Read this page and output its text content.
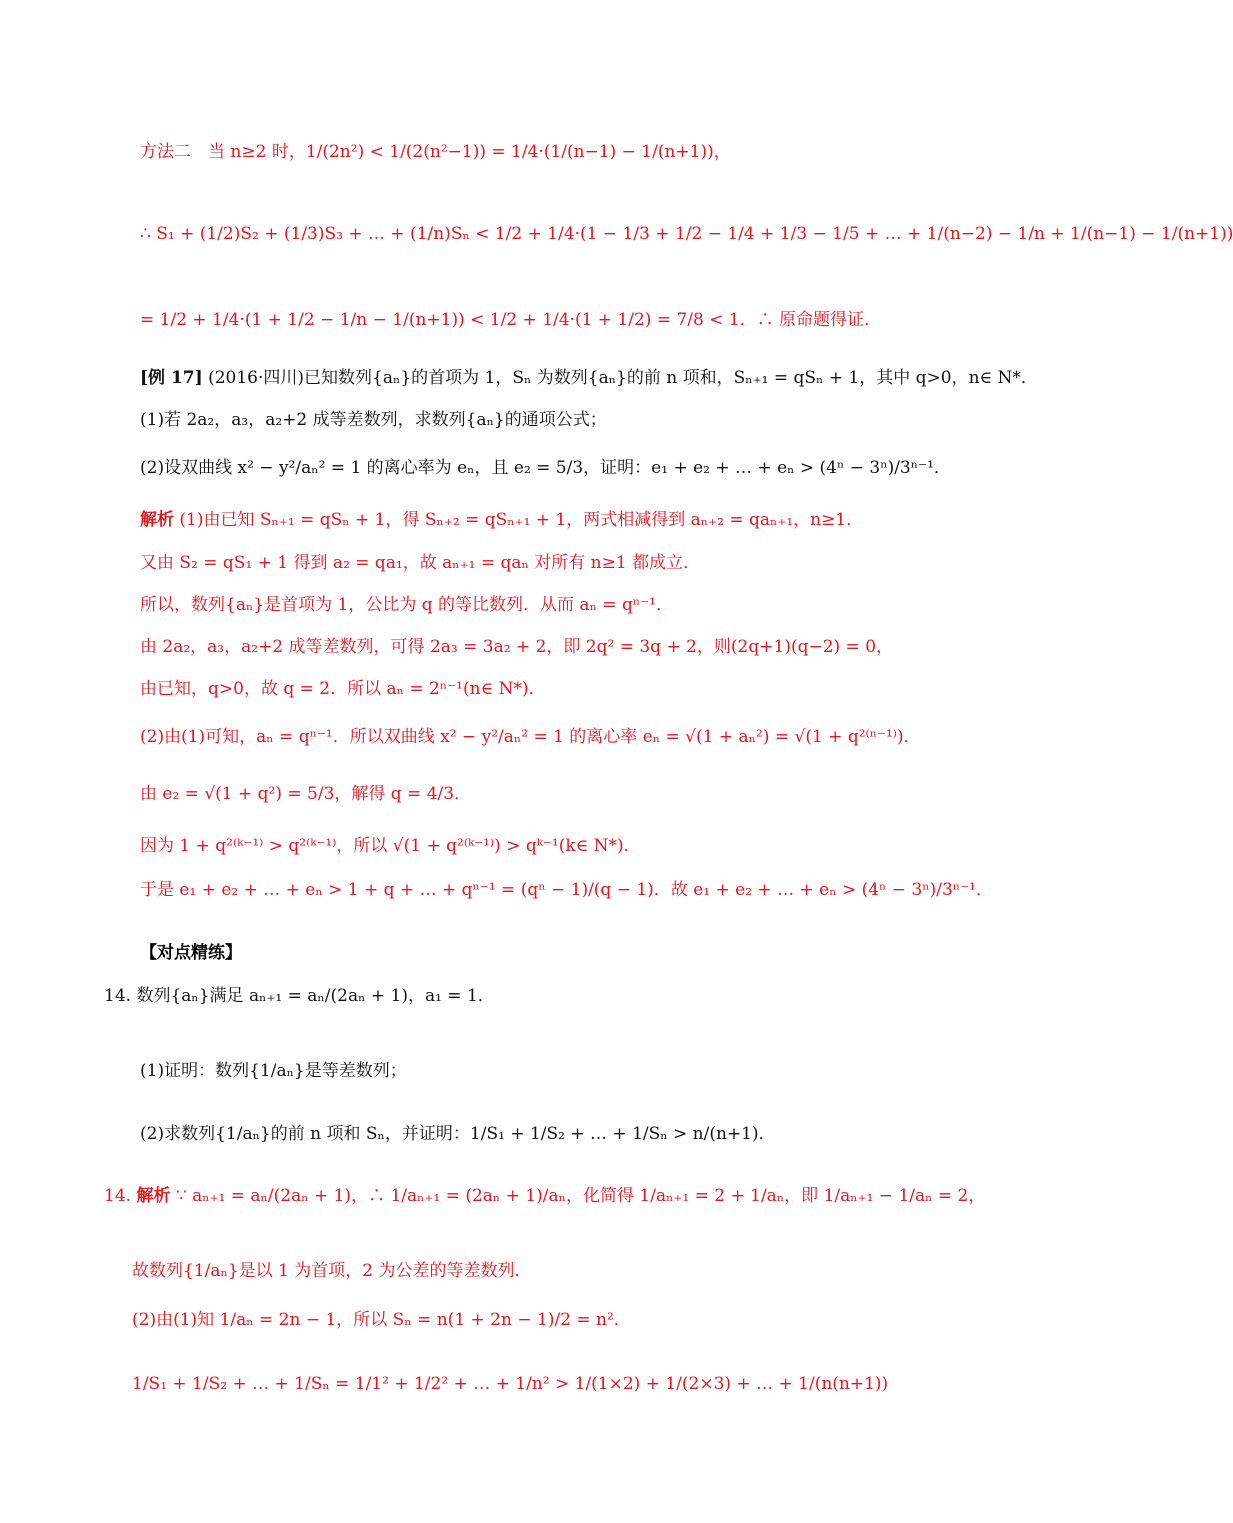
方法二　当 n≥2 时，1/(2n²) < 1/(2(n²−1)) = 1/4·(1/(n−1) − 1/(n+1))，
∴ S₁ + (1/2)S₂ + (1/3)S₃ + … + (1/n)Sₙ < 1/2 + 1/4·(1 − 1/3 + 1/2 − 1/4 + 1/3 − 1/5 + … + 1/(n−2) − 1/n + 1/(n−1) − 1/(n+1))
= 1/2 + 1/4·(1 + 1/2 − 1/n − 1/(n+1)) < 1/2 + 1/4·(1 + 1/2) = 7/8 < 1．∴ 原命题得证．
[例 17] (2016·四川)已知数列{aₙ}的首项为 1，Sₙ 为数列{aₙ}的前 n 项和，Sₙ₊₁ = qSₙ + 1，其中 q>0，n∈ N*．
(1)若 2a₂，a₃，a₂+2 成等差数列，求数列{aₙ}的通项公式；
(2)设双曲线 x² − y²/aₙ² = 1 的离心率为 eₙ，且 e₂ = 5/3，证明：e₁ + e₂ + … + eₙ > (4ⁿ − 3ⁿ)/3ⁿ⁻¹．
解析 (1)由已知 Sₙ₊₁ = qSₙ + 1，得 Sₙ₊₂ = qSₙ₊₁ + 1，两式相减得到 aₙ₊₂ = qaₙ₊₁，n≥1．
又由 S₂ = qS₁ + 1 得到 a₂ = qa₁，故 aₙ₊₁ = qaₙ 对所有 n≥1 都成立．
所以，数列{aₙ}是首项为 1，公比为 q 的等比数列．从而 aₙ = qⁿ⁻¹．
由 2a₂，a₃，a₂+2 成等差数列，可得 2a₃ = 3a₂ + 2，即 2q² = 3q + 2，则(2q+1)(q−2) = 0，
由已知，q>0，故 q = 2．所以 aₙ = 2ⁿ⁻¹(n∈ N*)．
(2)由(1)可知，aₙ = qⁿ⁻¹．所以双曲线 x² − y²/aₙ² = 1 的离心率 eₙ = √(1 + aₙ²) = √(1 + q²⁽ⁿ⁻¹⁾)．
由 e₂ = √(1 + q²) = 5/3，解得 q = 4/3．
因为 1 + q²⁽ᵏ⁻¹⁾ > q²⁽ᵏ⁻¹⁾，所以 √(1 + q²⁽ᵏ⁻¹⁾) > qᵏ⁻¹(k∈ N*)．
于是 e₁ + e₂ + … + eₙ > 1 + q + … + qⁿ⁻¹ = (qⁿ − 1)/(q − 1)．故 e₁ + e₂ + … + eₙ > (4ⁿ − 3ⁿ)/3ⁿ⁻¹．
【对点精练】
14. 数列{aₙ}满足 aₙ₊₁ = aₙ/(2aₙ + 1)，a₁ = 1．
(1)证明：数列{1/aₙ}是等差数列；
(2)求数列{1/aₙ}的前 n 项和 Sₙ，并证明：1/S₁ + 1/S₂ + … + 1/Sₙ > n/(n+1)．
14. 解析 ∵ aₙ₊₁ = aₙ/(2aₙ + 1)，∴ 1/aₙ₊₁ = (2aₙ + 1)/aₙ，化简得 1/aₙ₊₁ = 2 + 1/aₙ，即 1/aₙ₊₁ − 1/aₙ = 2，
故数列{1/aₙ}是以 1 为首项，2 为公差的等差数列．
(2)由(1)知 1/aₙ = 2n − 1，所以 Sₙ = n(1 + 2n − 1)/2 = n²．
1/S₁ + 1/S₂ + … + 1/Sₙ = 1/1² + 1/2² + … + 1/n² > 1/(1×2) + 1/(2×3) + … + 1/(n(n+1))
